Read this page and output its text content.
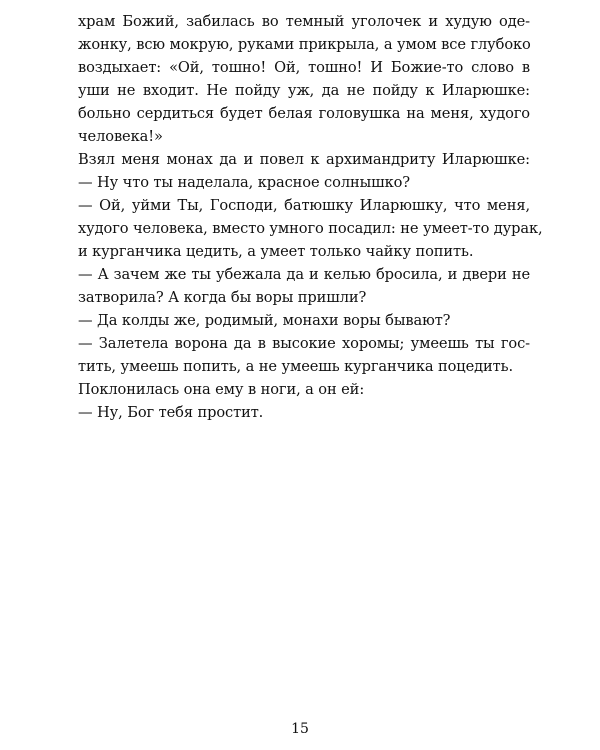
храм Божий, забилась во темный уголочек и худую оде-
жонку, всю мокрую, руками прикрыла, а умом все глубоко
воздыхает: «Ой, тошно! Ой, тошно! И Божие-то слово в
уши не входит. Не пойду уж, да не пойду к Иларюшке:
больно сердиться будет белая головушка на меня, худого
человека!»
Взял меня монах да и повел к архимандриту Иларюшке:
— Ну что ты наделала, красное солнышко?
— Ой, уйми Ты, Господи, батюшку Иларюшку, что меня,
худого человека, вместо умного посадил: не умеет-то дурак,
и курганчика цедить, а умеет только чайку попить.
— А зачем же ты убежала да и келью бросила, и двери не
затворила? А когда бы воры пришли?
— Да колды же, родимый, монахи воры бывают?
— Залетела ворона да в высокие хоромы; умеешь ты гос-
тить, умеешь попить, а не умеешь курганчика поцедить.
Поклонилась она ему в ноги, а он ей:
— Ну, Бог тебя простит.
15
